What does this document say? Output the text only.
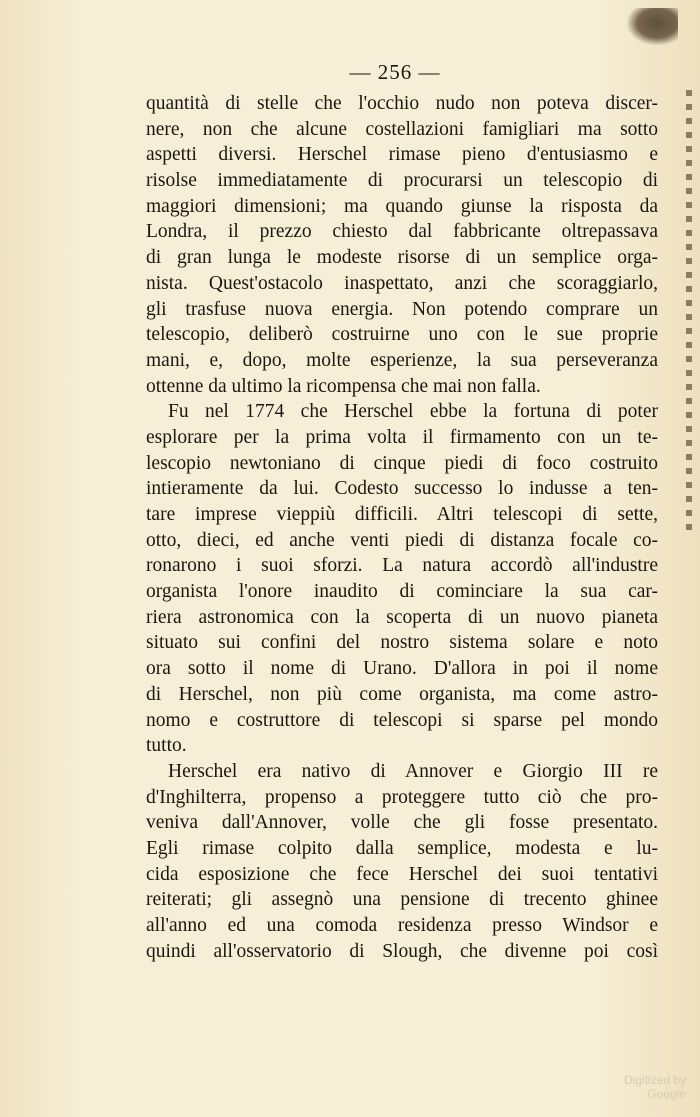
— 256 —
quantità di stelle che l'occhio nudo non poteva discer-
nere, non che alcune costellazioni famigliari ma sotto
aspetti diversi. Herschel rimase pieno d'entusiasmo e
risolse immediatamente di procurarsi un telescopio di
maggiori dimensioni; ma quando giunse la risposta da
Londra, il prezzo chiesto dal fabbricante oltrepassava
di gran lunga le modeste risorse di un semplice orga-
nista. Quest'ostacolo inaspettato, anzi che scoraggiarlo,
gli trasfuse nuova energia. Non potendo comprare un
telescopio, deliberò costruirne uno con le sue proprie
mani, e, dopo, molte esperienze, la sua perseveranza
ottenne da ultimo la ricompensa che mai non falla.
Fu nel 1774 che Herschel ebbe la fortuna di poter
esplorare per la prima volta il firmamento con un te-
lescopio newtoniano di cinque piedi di foco costruito
intieramente da lui. Codesto successo lo indusse a ten-
tare imprese vieppiù difficili. Altri telescopi di sette,
otto, dieci, ed anche venti piedi di distanza focale co-
ronarono i suoi sforzi. La natura accordò all'industre
organista l'onore inaudito di cominciare la sua car-
riera astronomica con la scoperta di un nuovo pianeta
situato sui confini del nostro sistema solare e noto
ora sotto il nome di Urano. D'allora in poi il nome
di Herschel, non più come organista, ma come astro-
nomo e costruttore di telescopi si sparse pel mondo
tutto.
Herschel era nativo di Annover e Giorgio III re
d'Inghilterra, propenso a proteggere tutto ciò che pro-
veniva dall'Annover, volle che gli fosse presentato.
Egli rimase colpito dalla semplice, modesta e lu-
cida esposizione che fece Herschel dei suoi tentativi
reiterati; gli assegnò una pensione di trecento ghinee
all'anno ed una comoda residenza presso Windsor e
quindi all'osservatorio di Slough, che divenne poi così
Digitized by Google
